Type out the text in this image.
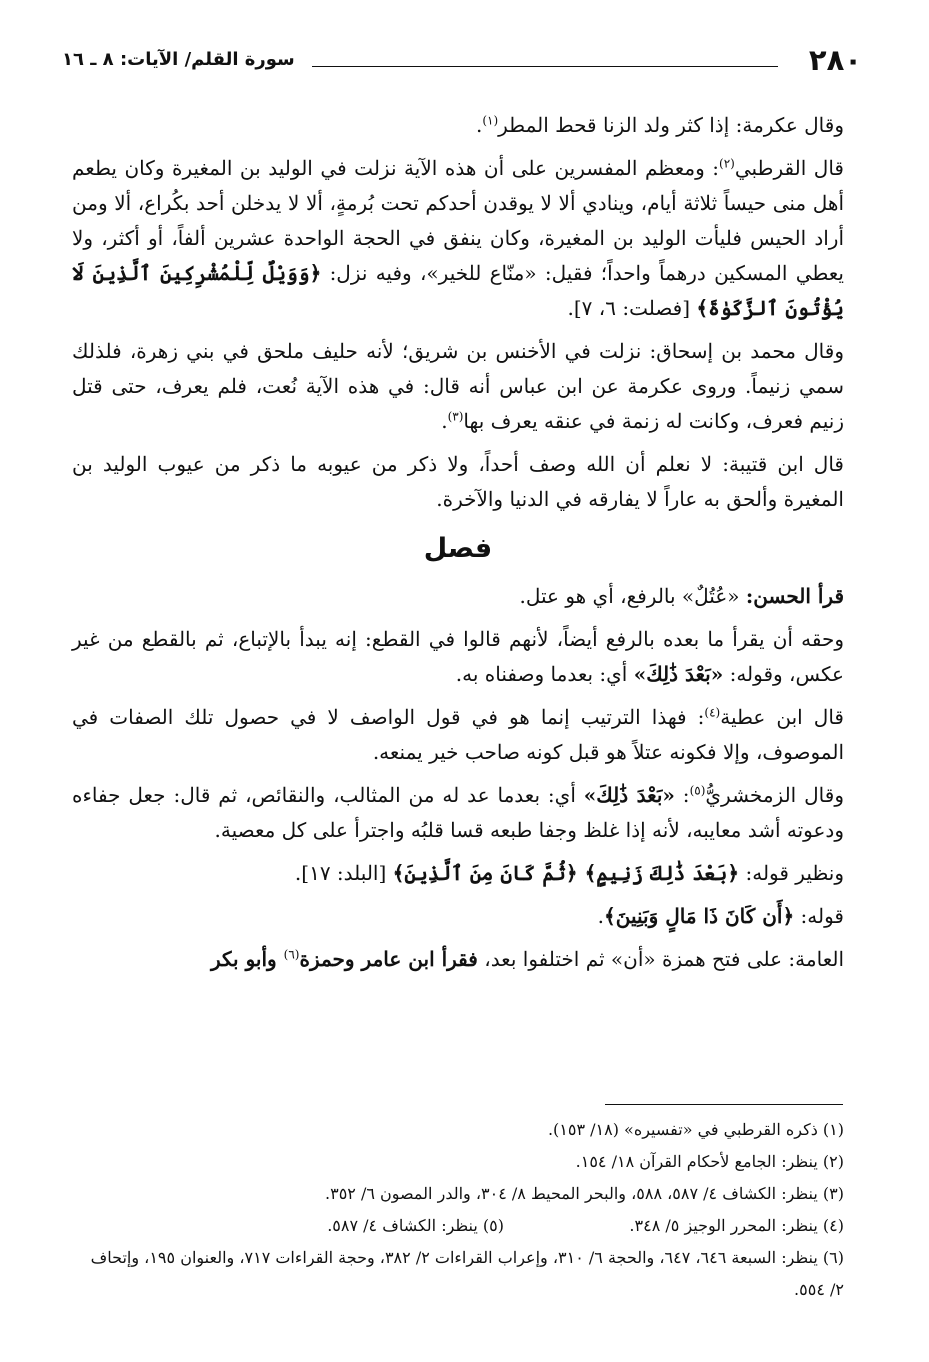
٢٨٠
سورة القلم/ الآيات: ٨ ـ ١٦

وقال عكرمة: إذا كثر ولد الزنا قحط المطر$^{(١)}$.

قال القرطبي$^{(٢)}$: ومعظم المفسرين على أن هذه الآية نزلت في الوليد بن المغيرة وكان يطعم أهل منى حيساً ثلاثة أيام، وينادي ألا لا يوقدن أحدكم تحت بُرمةٍ، ألا لا يدخلن أحد بكُراع، ألا ومن أراد الحيس فليأت الوليد بن المغيرة، وكان ينفق في الحجة الواحدة عشرين ألفاً، أو أكثر، ولا يعطي المسكين درهماً واحداً؛ فقيل: «منّاع للخير»، وفيه نزل: ﴿وَوَيْلٌ لِّلْمُشْرِكِينَ ٱلَّذِينَ لَا يُؤْتُونَ ٱلزَّكَوٰةَ﴾ [فصلت: ٦، ٧].

وقال محمد بن إسحاق: نزلت في الأخنس بن شريق؛ لأنه حليف ملحق في بني زهرة، فلذلك سمي زنيماً. وروى عكرمة عن ابن عباس أنه قال: في هذه الآية نُعت، فلم يعرف، حتى قتل زنيم فعرف، وكانت له زنمة في عنقه يعرف بها$^{(٣)}$.

قال ابن قتيبة: لا نعلم أن الله وصف أحداً، ولا ذكر من عيوبه ما ذكر من عيوب الوليد بن المغيرة وألحق به عاراً لا يفارقه في الدنيا والآخرة.

فصل

قرأ الحسن: «عُتُلٌ» بالرفع، أي هو عتل.

وحقه أن يقرأ ما بعده بالرفع أيضاً، لأنهم قالوا في القطع: إنه يبدأ بالإتباع، ثم بالقطع من غير عكس، وقوله: «بَعْدَ ذَٰلِكَ» أي: بعدما وصفناه به.

قال ابن عطية$^{(٤)}$: فهذا الترتيب إنما هو في قول الواصف لا في حصول تلك الصفات في الموصوف، وإلا فكونه عتلاً هو قبل كونه صاحب خير يمنعه.

وقال الزمخشريُّ$^{(٥)}$: «بَعْدَ ذَٰلِكَ» أي: بعدما عد له من المثالب، والنقائص، ثم قال: جعل جفاءه ودعوته أشد معايبه، لأنه إذا غلظ وجفا طبعه قسا قلبُه واجترأ على كل معصية.

ونظير قوله: ﴿بَعْدَ ذَٰلِكَ زَنِيمٍ﴾ ﴿ثُمَّ كَانَ مِنَ ٱلَّذِينَ﴾ [البلد: ١٧].

قوله: ﴿أَن كَانَ ذَا مَالٍ وَبَنِينَ﴾.

العامة: على فتح همزة «أن» ثم اختلفوا بعد، فقرأ ابن عامر وحمزة$^{(٦)}$ وأبو بكر

(١) ذكره القرطبي في «تفسيره» (١٨/ ١٥٣).

(٢) ينظر: الجامع لأحكام القرآن ١٨/ ١٥٤.

(٣) ينظر: الكشاف ٤/ ٥٨٧، ٥٨٨، والبحر المحيط ٨/ ٣٠٤، والدر المصون ٦/ ٣٥٢.

(٤) ينظر: المحرر الوجيز ٥/ ٣٤٨.

(٥) ينظر: الكشاف ٤/ ٥٨٧.

(٦) ينظر: السبعة ٦٤٦، ٦٤٧، والحجة ٦/ ٣١٠، وإعراب القراءات ٢/ ٣٨٢، وحجة القراءات ٧١٧، والعنوان ١٩٥، وإتحاف ٢/ ٥٥٤.
